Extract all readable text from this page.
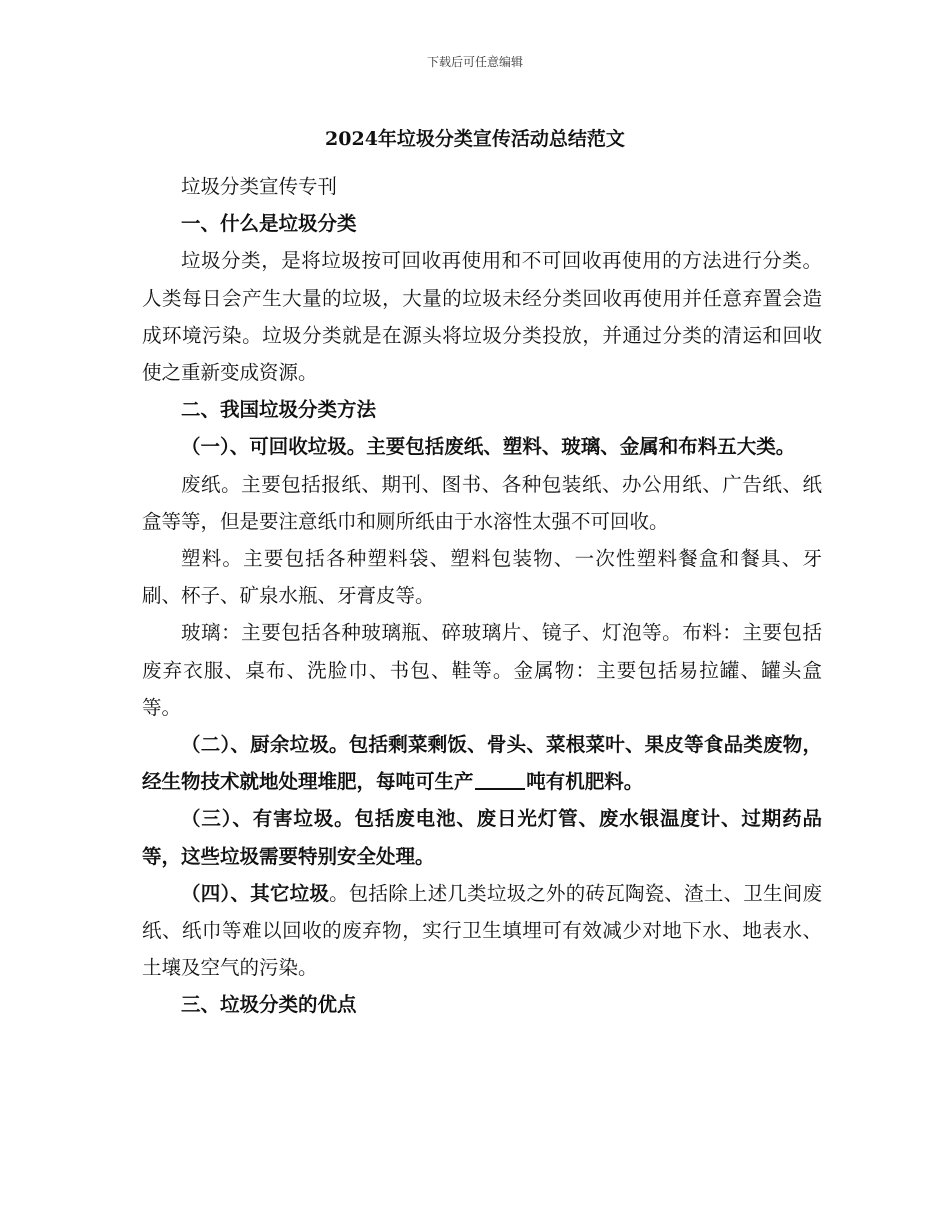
下载后可任意编辑
2024年垃圾分类宣传活动总结范文

垃圾分类宣传专刊

一、什么是垃圾分类

垃圾分类，是将垃圾按可回收再使用和不可回收再使用的方法进行分类。人类每日会产生大量的垃圾，大量的垃圾未经分类回收再使用并任意弃置会造成环境污染。垃圾分类就是在源头将垃圾分类投放，并通过分类的清运和回收使之重新变成资源。

二、我国垃圾分类方法

（一）、可回收垃圾。主要包括废纸、塑料、玻璃、金属和布料五大类。

废纸。主要包括报纸、期刊、图书、各种包装纸、办公用纸、广告纸、纸盒等等，但是要注意纸巾和厕所纸由于水溶性太强不可回收。

塑料。主要包括各种塑料袋、塑料包装物、一次性塑料餐盒和餐具、牙刷、杯子、矿泉水瓶、牙膏皮等。

玻璃：主要包括各种玻璃瓶、碎玻璃片、镜子、灯泡等。布料：主要包括废弃衣服、桌布、洗脸巾、书包、鞋等。金属物：主要包括易拉罐、罐头盒等。

（二）、厨余垃圾。包括剩菜剩饭、骨头、菜根菜叶、果皮等食品类废物，经生物技术就地处理堆肥，每吨可生产	吨有机肥料。

（三）、有害垃圾。包括废电池、废日光灯管、废水银温度计、过期药品等，这些垃圾需要特别安全处理。

（四）、其它垃圾。包括除上述几类垃圾之外的砖瓦陶瓷、渣土、卫生间废纸、纸巾等难以回收的废弃物，实行卫生填埋可有效减少对地下水、地表水、土壤及空气的污染。

三、垃圾分类的优点
